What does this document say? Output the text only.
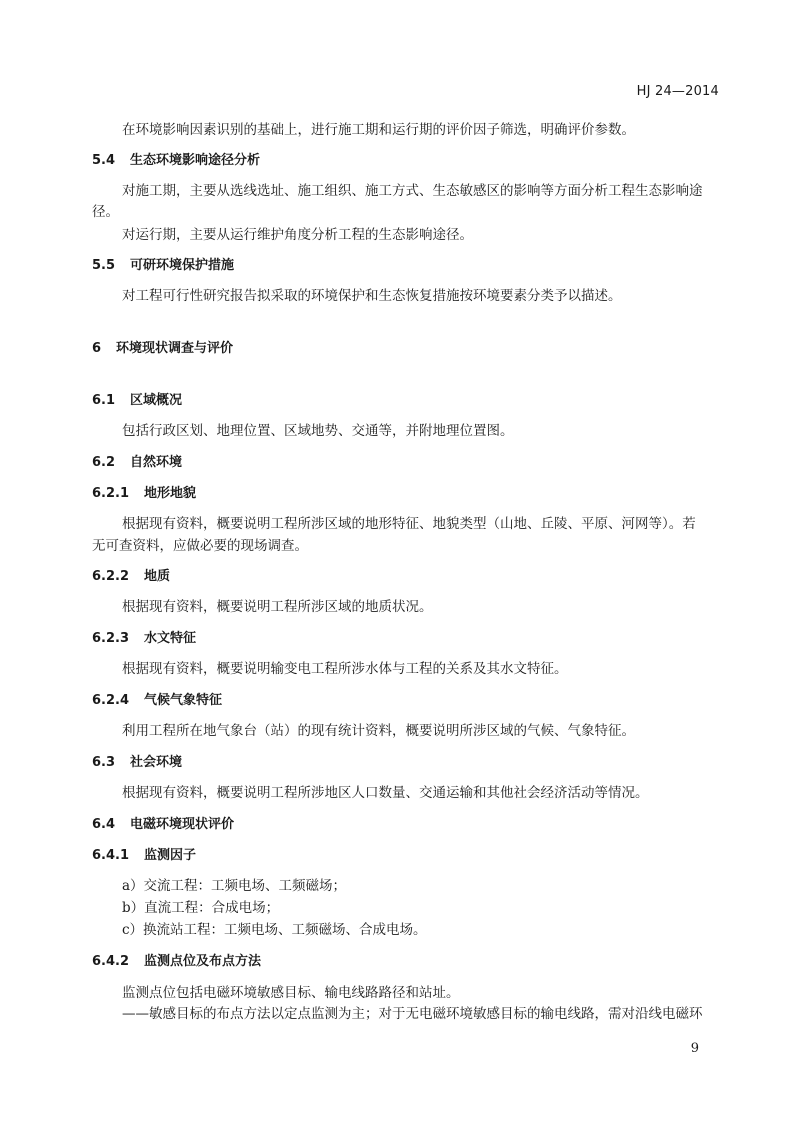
HJ 24—2014
在环境影响因素识别的基础上，进行施工期和运行期的评价因子筛选，明确评价参数。
5.4 生态环境影响途径分析
对施工期，主要从选线选址、施工组织、施工方式、生态敏感区的影响等方面分析工程生态影响途
径。
对运行期，主要从运行维护角度分析工程的生态影响途径。
5.5 可研环境保护措施
对工程可行性研究报告拟采取的环境保护和生态恢复措施按环境要素分类予以描述。
6 环境现状调查与评价
6.1 区域概况
包括行政区划、地理位置、区域地势、交通等，并附地理位置图。
6.2 自然环境
6.2.1 地形地貌
根据现有资料，概要说明工程所涉区域的地形特征、地貌类型（山地、丘陵、平原、河网等）。若
无可查资料，应做必要的现场调查。
6.2.2 地质
根据现有资料，概要说明工程所涉区域的地质状况。
6.2.3 水文特征
根据现有资料，概要说明输变电工程所涉水体与工程的关系及其水文特征。
6.2.4 气候气象特征
利用工程所在地气象台（站）的现有统计资料，概要说明所涉区域的气候、气象特征。
6.3 社会环境
根据现有资料，概要说明工程所涉地区人口数量、交通运输和其他社会经济活动等情况。
6.4 电磁环境现状评价
6.4.1 监测因子
a）交流工程：工频电场、工频磁场；
b）直流工程：合成电场；
c）换流站工程：工频电场、工频磁场、合成电场。
6.4.2 监测点位及布点方法
监测点位包括电磁环境敏感目标、输电线路路径和站址。
——敏感目标的布点方法以定点监测为主；对于无电磁环境敏感目标的输电线路，需对沿线电磁环
9
